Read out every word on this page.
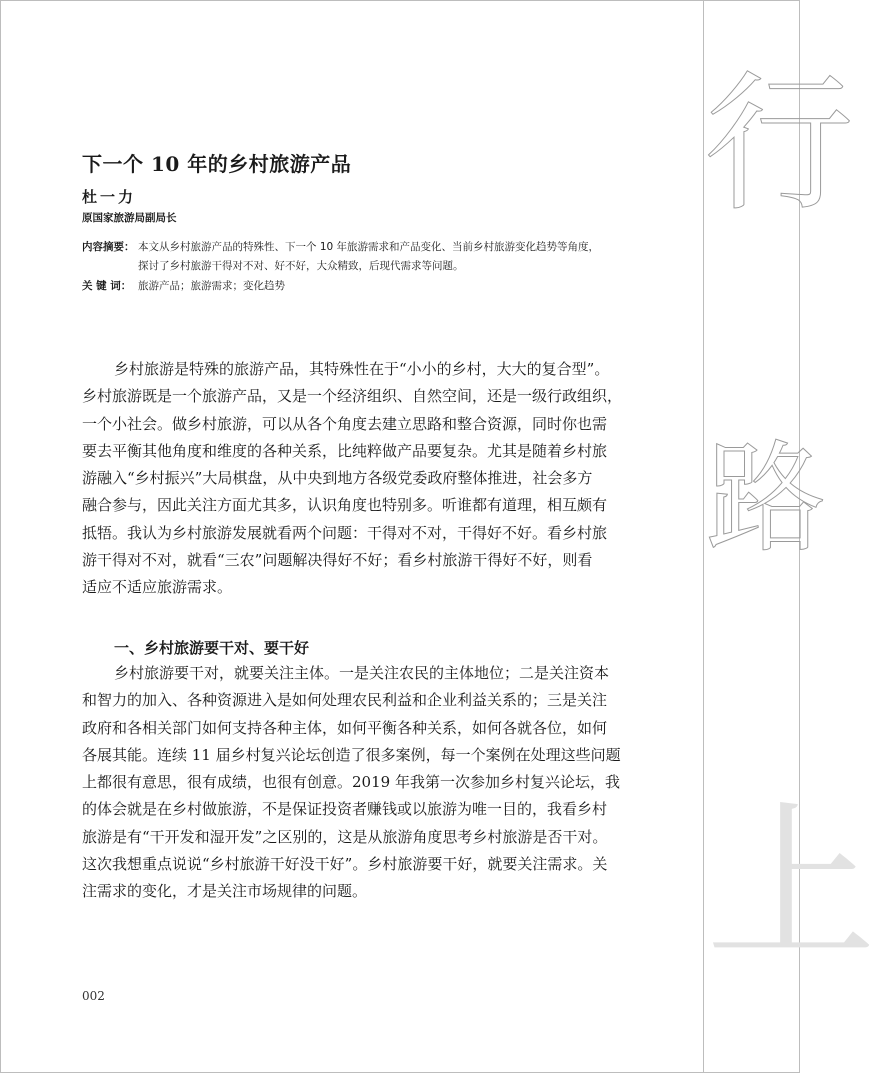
行
路
上
下一个 10 年的乡村旅游产品
杜一力
原国家旅游局副局长
内容摘要： 本文从乡村旅游产品的特殊性、下一个 10 年旅游需求和产品变化、当前乡村旅游变化趋势等角度，
探讨了乡村旅游干得对不对、好不好，大众精致，后现代需求等问题。
关 键 词： 旅游产品；旅游需求；变化趋势
乡村旅游是特殊的旅游产品，其特殊性在于“小小的乡村，大大的复合型”。
乡村旅游既是一个旅游产品，又是一个经济组织、自然空间，还是一级行政组织，
一个小社会。做乡村旅游，可以从各个角度去建立思路和整合资源，同时你也需
要去平衡其他角度和维度的各种关系，比纯粹做产品要复杂。尤其是随着乡村旅
游融入“乡村振兴”大局棋盘，从中央到地方各级党委政府整体推进，社会多方
融合参与，因此关注方面尤其多，认识角度也特别多。听谁都有道理，相互颇有
抵牾。我认为乡村旅游发展就看两个问题：干得对不对，干得好不好。看乡村旅
游干得对不对，就看“三农”问题解决得好不好；看乡村旅游干得好不好，则看
适应不适应旅游需求。
一、乡村旅游要干对、要干好
乡村旅游要干对，就要关注主体。一是关注农民的主体地位；二是关注资本
和智力的加入、各种资源进入是如何处理农民利益和企业利益关系的；三是关注
政府和各相关部门如何支持各种主体，如何平衡各种关系，如何各就各位，如何
各展其能。连续 11 届乡村复兴论坛创造了很多案例，每一个案例在处理这些问题
上都很有意思，很有成绩，也很有创意。2019 年我第一次参加乡村复兴论坛，我
的体会就是在乡村做旅游，不是保证投资者赚钱或以旅游为唯一目的，我看乡村
旅游是有“干开发和湿开发”之区别的，这是从旅游角度思考乡村旅游是否干对。
这次我想重点说说“乡村旅游干好没干好”。乡村旅游要干好，就要关注需求。关
注需求的变化，才是关注市场规律的问题。
002
